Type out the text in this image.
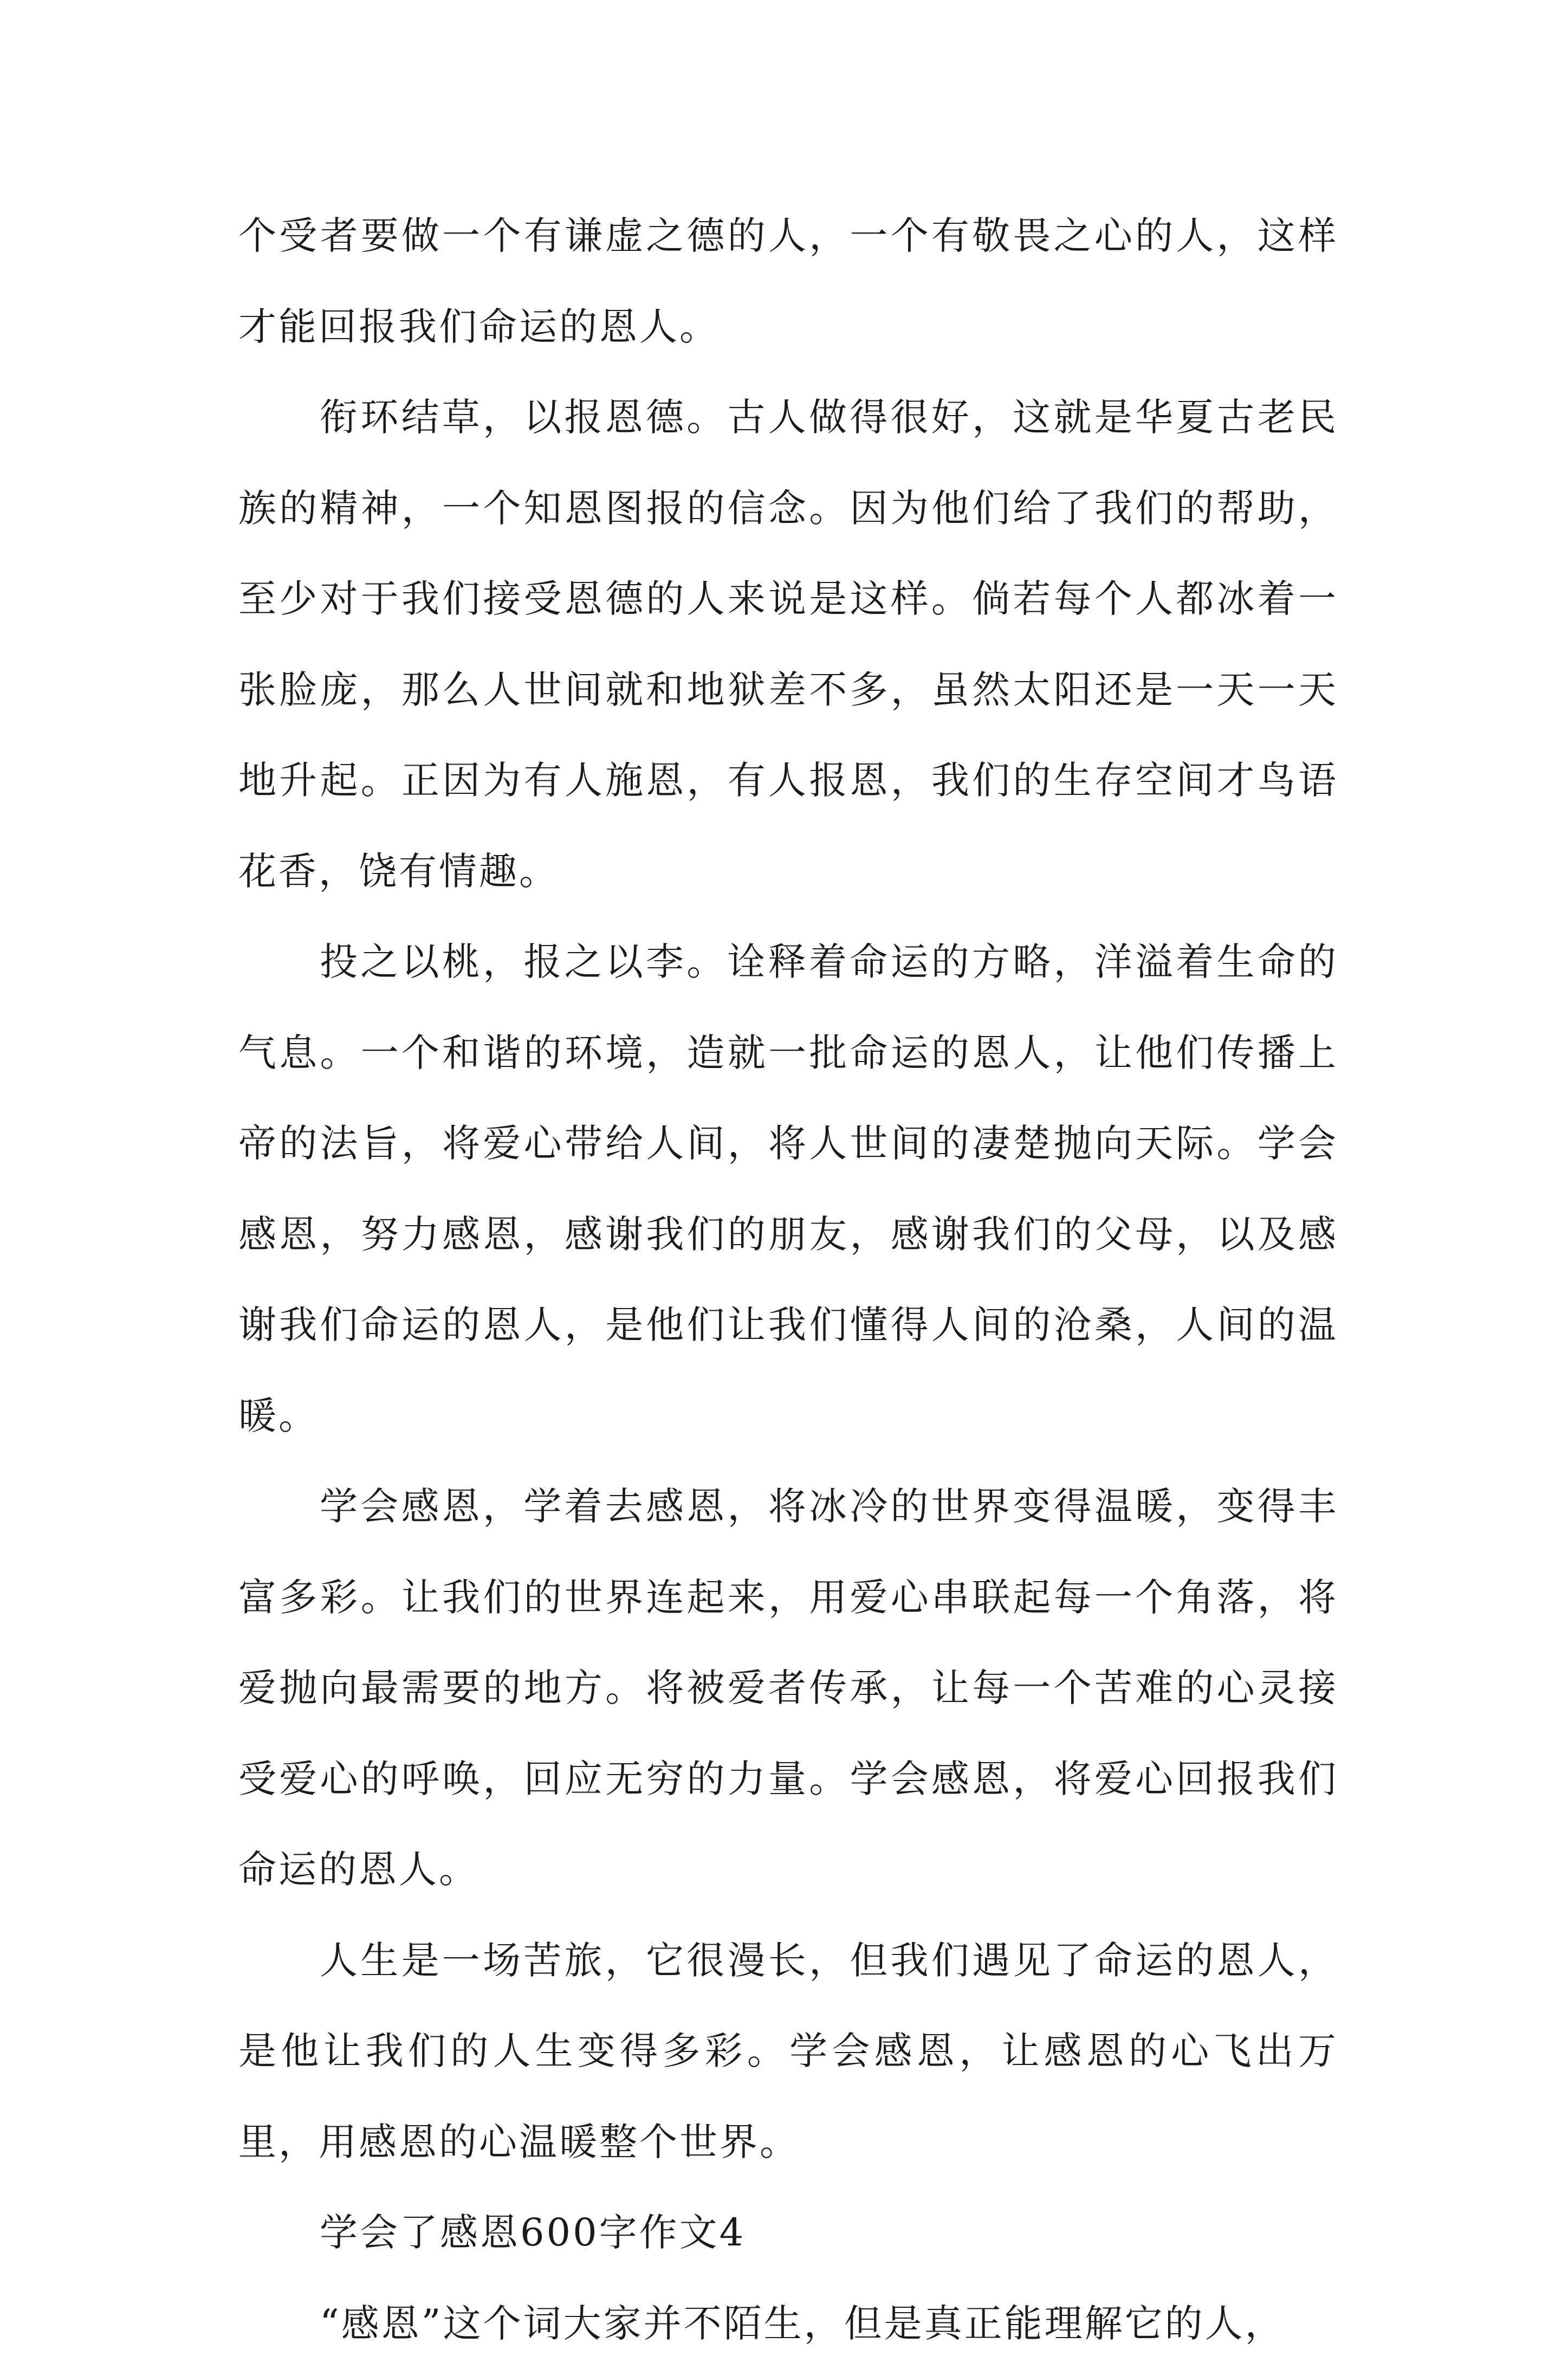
个受者要做一个有谦虚之德的人，一个有敬畏之心的人，这样才能回报我们命运的恩人。

衔环结草，以报恩德。古人做得很好，这就是华夏古老民族的精神，一个知恩图报的信念。因为他们给了我们的帮助，至少对于我们接受恩德的人来说是这样。倘若每个人都冰着一张脸庞，那么人世间就和地狱差不多，虽然太阳还是一天一天地升起。正因为有人施恩，有人报恩，我们的生存空间才鸟语花香，饶有情趣。

投之以桃，报之以李。诠释着命运的方略，洋溢着生命的气息。一个和谐的环境，造就一批命运的恩人，让他们传播上帝的法旨，将爱心带给人间，将人世间的凄楚抛向天际。学会感恩，努力感恩，感谢我们的朋友，感谢我们的父母，以及感谢我们命运的恩人，是他们让我们懂得人间的沧桑，人间的温暖。

学会感恩，学着去感恩，将冰冷的世界变得温暖，变得丰富多彩。让我们的世界连起来，用爱心串联起每一个角落，将爱抛向最需要的地方。将被爱者传承，让每一个苦难的心灵接受爱心的呼唤，回应无穷的力量。学会感恩，将爱心回报我们命运的恩人。

人生是一场苦旅，它很漫长，但我们遇见了命运的恩人，是他让我们的人生变得多彩。学会感恩，让感恩的心飞出万里，用感恩的心温暖整个世界。

学会了感恩600字作文4

“感恩”这个词大家并不陌生，但是真正能理解它的人，
